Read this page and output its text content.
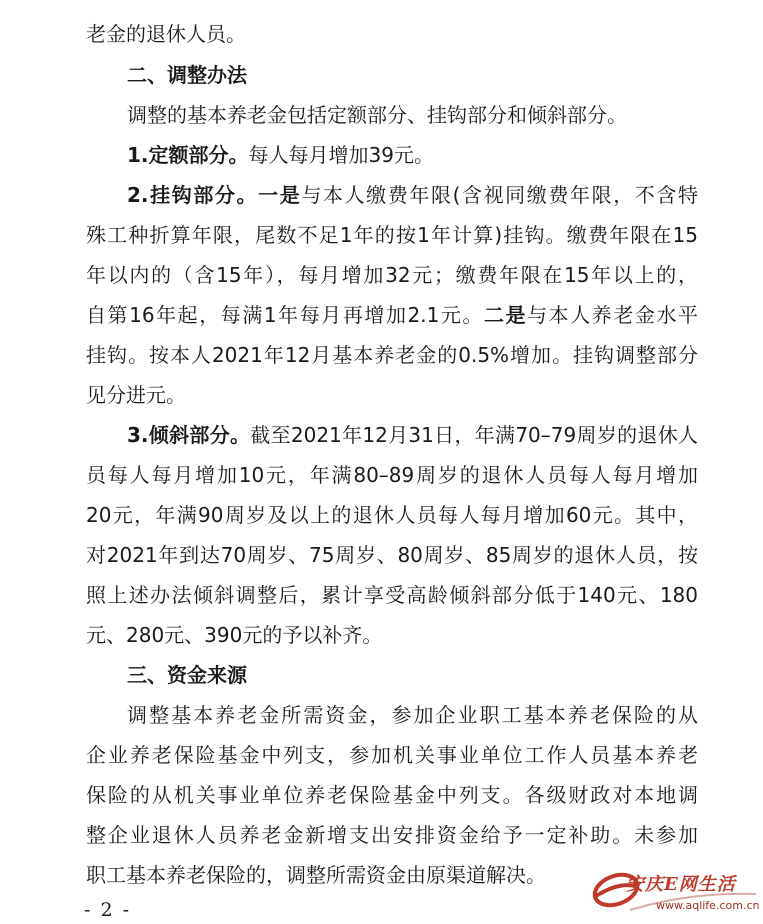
老金的退休人员。
二、调整办法
调整的基本养老金包括定额部分、挂钩部分和倾斜部分。
1.定额部分。每人每月增加39元。
2.挂钩部分。一是与本人缴费年限(含视同缴费年限，不含特
殊工种折算年限，尾数不足1年的按1年计算)挂钩。缴费年限在15
年以内的（含15年），每月增加32元；缴费年限在15年以上的，
自第16年起，每满1年每月再增加2.1元。二是与本人养老金水平
挂钩。按本人2021年12月基本养老金的0.5%增加。挂钩调整部分
见分进元。
3.倾斜部分。截至2021年12月31日，年满70–79周岁的退休人
员每人每月增加10元，年满80–89周岁的退休人员每人每月增加
20元，年满90周岁及以上的退休人员每人每月增加60元。其中，
对2021年到达70周岁、75周岁、80周岁、85周岁的退休人员，按
照上述办法倾斜调整后，累计享受高龄倾斜部分低于140元、180
元、280元、390元的予以补齐。
三、资金来源
调整基本养老金所需资金，参加企业职工基本养老保险的从
企业养老保险基金中列支，参加机关事业单位工作人员基本养老
保险的从机关事业单位养老保险基金中列支。各级财政对本地调
整企业退休人员养老金新增支出安排资金给予一定补助。未参加
职工基本养老保险的，调整所需资金由原渠道解决。
- 2 -
安庆E网生活
www.aqlife.com.cn
